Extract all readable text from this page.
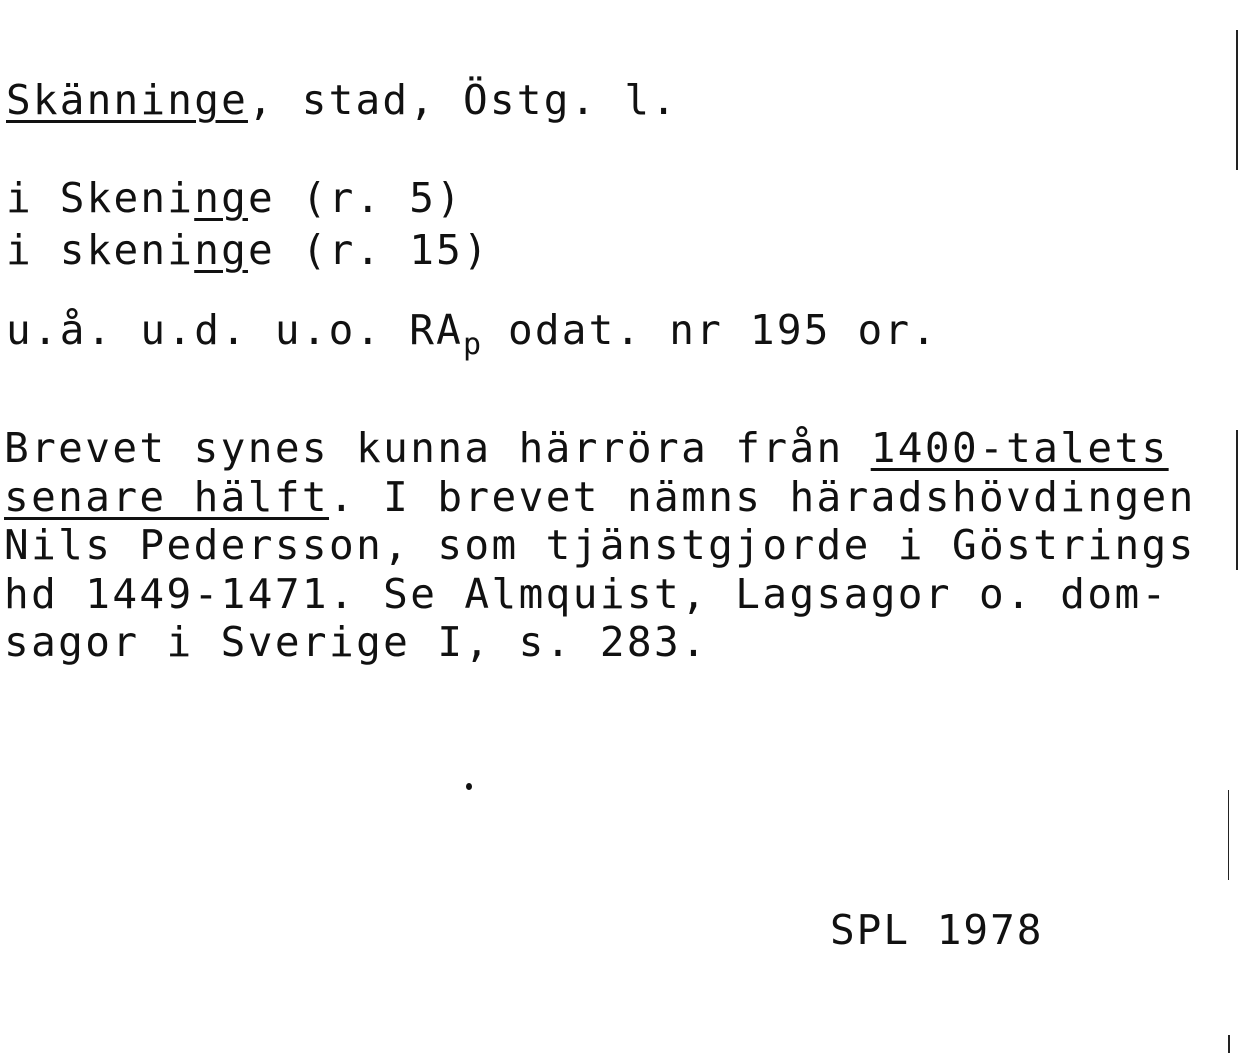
Skänninge, stad, Östg. l.
i Skeninge (r. 5)
i skeninge (r. 15)
u.å. u.d. u.o. $RA_p$ odat. nr 195 or.
Brevet synes kunna härröra från 1400-talets
senare hälft. I brevet nämns häradshövdingen
Nils Pedersson, som tjänstgjorde i Göstrings
hd 1449-1471. Se Almquist, Lagsagor o. dom-
sagor i Sverige I, s. 283.
SPL 1978
